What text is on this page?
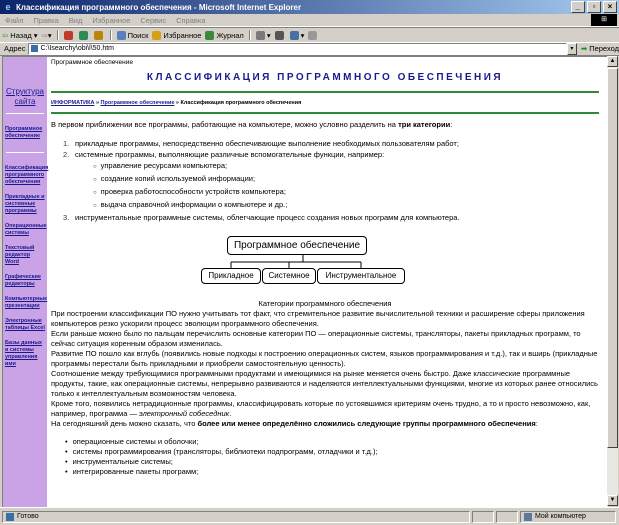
e Классификация программного обеспечения - Microsoft Internet Explorer	_	▫	×
Файл	Правка	Вид	Избранное	Сервис	Справка	⊞
⇦ Назад ▾ ⇨ ▾	Поиск Избранное Журнал	▾	▾
Адрес C:\Isearchy\obi\l\50.htm	▾ ➡ Переход
Структура сайта
Программное обеспечение
Классификация программного обеспечения
Прикладные и системные программы
Операционные системы
Текстовый редактор Word
Графические редакторы
Компьютерные презентации
Электронные таблицы Excel
Базы данных и системы управления ими
Программное обеспечение
КЛАССИФИКАЦИЯ ПРОГРАММНОГО ОБЕСПЕЧЕНИЯ
ИНФОРМАТИКА » Программное обеспечение » Классификация программного обеспечения
В первом приближении все программы, работающие на компьютере, можно условно разделить на три категории:
1. прикладные программы, непосредственно обеспечивающие выполнение необходимых пользователям работ;
2. системные программы, выполняющие различные вспомогательные функции, например:
○ управление ресурсами компьютера;
○ создание копий используемой информации;
○ проверка работоспособности устройств компьютера;
○ выдача справочной информации о компьютере и др.;
3. инструментальные программные системы, облегчающие процесс создания новых программ для компьютера.
Программное обеспечение
Прикладное	Системное	Инструментальное
Категории программного обеспечения

При построении классификации ПО нужно учитывать тот факт, что стремительное развитие вычислительной техники и расширение сферы приложения компьютеров резко ускорили процесс эволюции программного обеспечения.

Если раньше можно было по пальцам перечислить основные категории ПО — операционные системы, трансляторы, пакеты прикладных программ, то сейчас ситуация коренным образом изменилась.

Развитие ПО пошло как вглубь (появились новые подходы к построению операционных систем, языков программирования и т.д.), так и вширь (прикладные программы перестали быть прикладными и приобрели самостоятельную ценность).

Соотношение между требующимися программными продуктами и имеющимися на рынке меняется очень быстро. Даже классические программные продукты, такие, как операционные системы, непрерывно развиваются и наделяются интеллектуальными функциями, многие из которых ранее относились только к интеллектуальным возможностям человека.

Кроме того, появились нетрадиционные программы, классифицировать которые по устоявшимся критериям очень трудно, а то и просто невозможно, как, например, программа — электронный собеседник.

На сегодняшний день можно сказать, что более или менее определённо сложились следующие группы программного обеспечения:

• операционные системы и оболочки;
• системы программирования (трансляторы, библиотеки подпрограмм, отладчики и т.д.);
• инструментальные системы;
• интегрированные пакеты программ;
▲
▼
Готово	Мой компьютер
